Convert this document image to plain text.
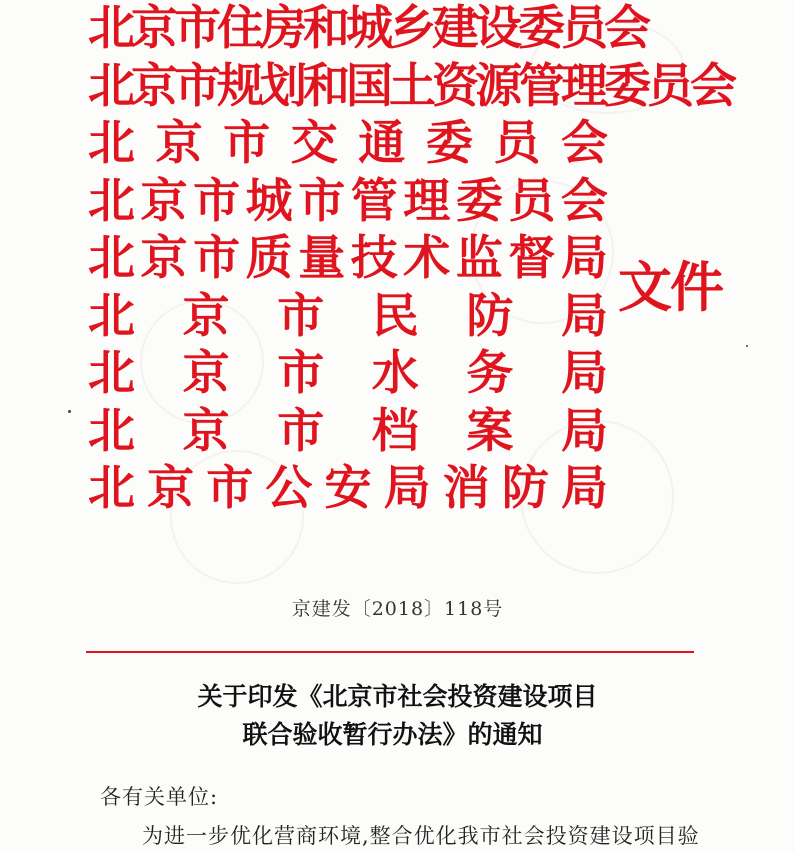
北
京
市
住
房
和
城
乡
建
设
委
员
会
北
京
市
规
划
和
国
土
资
源
管
理
委
员
会
北 京 市 交 通 委 员 会
北 京 市 城 市 管 理 委 员 会
北 京 市 质 量 技 术 监 督 局
北 京 市 民 防 局
北 京 市 水 务 局
北 京 市 档 案 局
北 京 市 公 安 局 消 防 局
文件
京建发〔2018〕118号
关于印发《北京市社会投资建设项目
联合验收暂行办法》的通知
各有关单位:
为进一步优化营商环境,整合优化我市社会投资建设项目验
